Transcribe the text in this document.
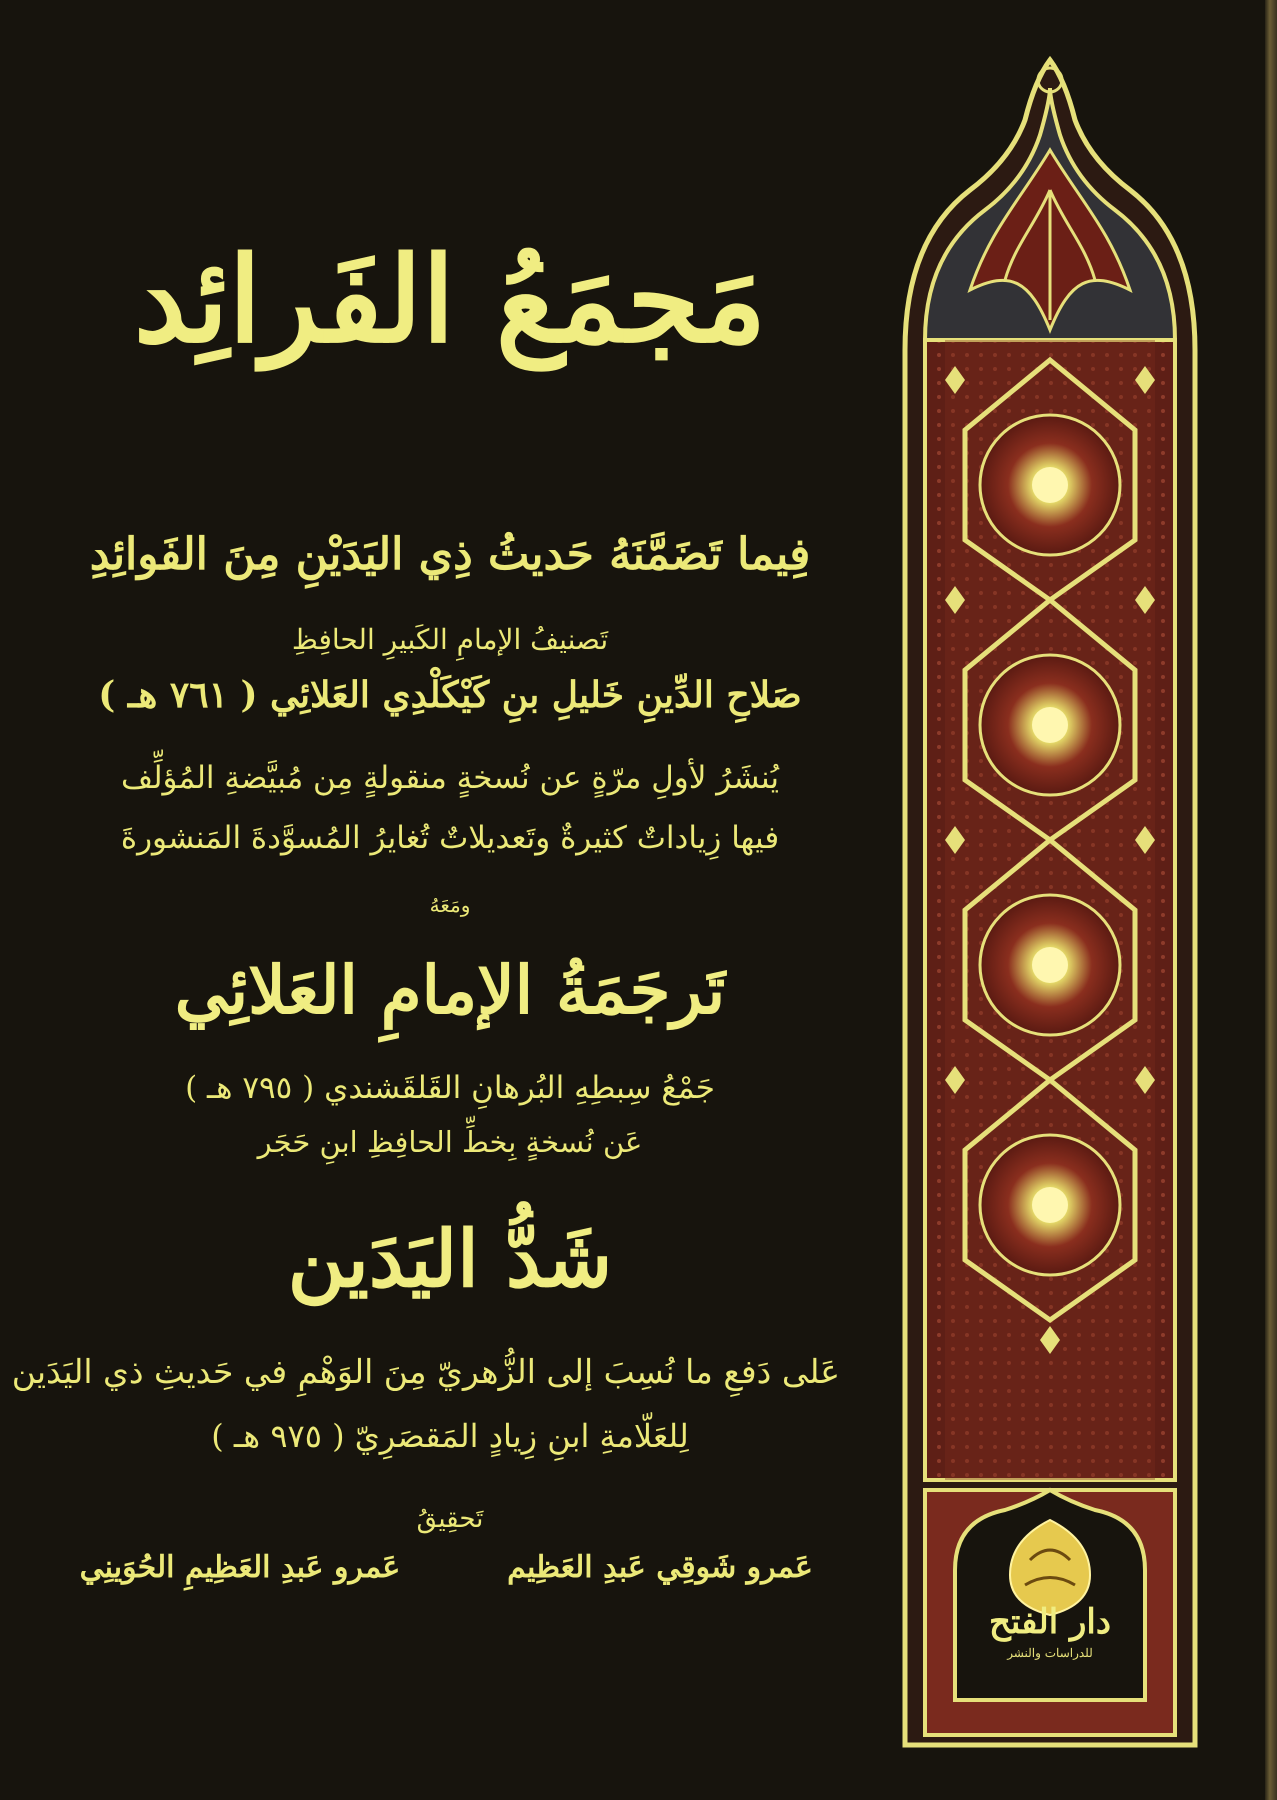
مَجمَعُ الفَرائِد
فِيما تَضَمَّنَهُ حَديثُ ذِي اليَدَيْنِ مِنَ الفَوائِدِ
تَصنيفُ الإمامِ الكَبيرِ الحافِظِ
صَلاحِ الدِّينِ خَليلِ بنِ كَيْكَلْدِي العَلائِي ( ٧٦١ هـ )
يُنشَرُ لأولِ مرّةٍ عن نُسخةٍ منقولةٍ مِن مُبيَّضةِ المُؤلِّف
فيها زِياداتٌ كثيرةٌ وتَعديلاتٌ تُغايرُ المُسوَّدةَ المَنشورةَ
ومَعَهُ
تَرجَمَةُ الإمامِ العَلائِي
جَمْعُ سِبطِهِ البُرهانِ القَلقَشندي ( ٧٩٥ هـ )
عَن نُسخةٍ بِخطِّ الحافِظِ ابنِ حَجَر
شَدُّ اليَدَين
عَلى دَفعِ ما نُسِبَ إلى الزُّهريّ مِنَ الوَهْمِ في حَديثِ ذي اليَدَين
لِلعَلّامةِ ابنِ زِيادٍ المَقصَرِيّ ( ٩٧٥ هـ )
تَحقِيقُ
عَمرو شَوقِي عَبدِ العَظِيم
عَمرو عَبدِ العَظِيمِ الحُوَينِي
دار الفتح
للدراسات والنشر
